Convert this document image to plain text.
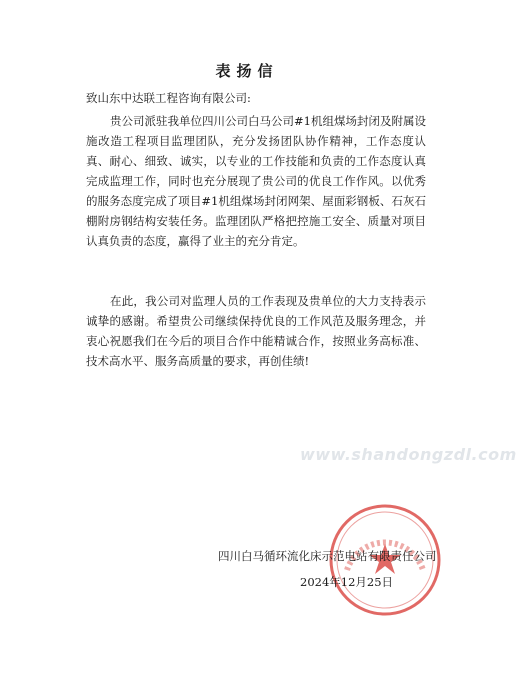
表扬信
致山东中达联工程咨询有限公司:

贵公司派驻我单位四川公司白马公司#1机组煤场封闭及附属设施改造工程项目监理团队，充分发扬团队协作精神，工作态度认真、耐心、细致、诚实，以专业的工作技能和负责的工作态度认真完成监理工作，同时也充分展现了贵公司的优良工作作风。以优秀的服务态度完成了项目#1机组煤场封闭网架、屋面彩钢板、石灰石棚附房钢结构安装任务。监理团队严格把控施工安全、质量对项目认真负责的态度，赢得了业主的充分肯定。

在此，我公司对监理人员的工作表现及贵单位的大力支持表示诚挚的感谢。希望贵公司继续保持优良的工作风范及服务理念，并衷心祝愿我们在今后的项目合作中能精诚合作，按照业务高标准、技术高水平、服务高质量的要求，再创佳绩!

www.shandongzdl.com
四川白马循环流化床示范电站有限责任公司
2024年12月25日
